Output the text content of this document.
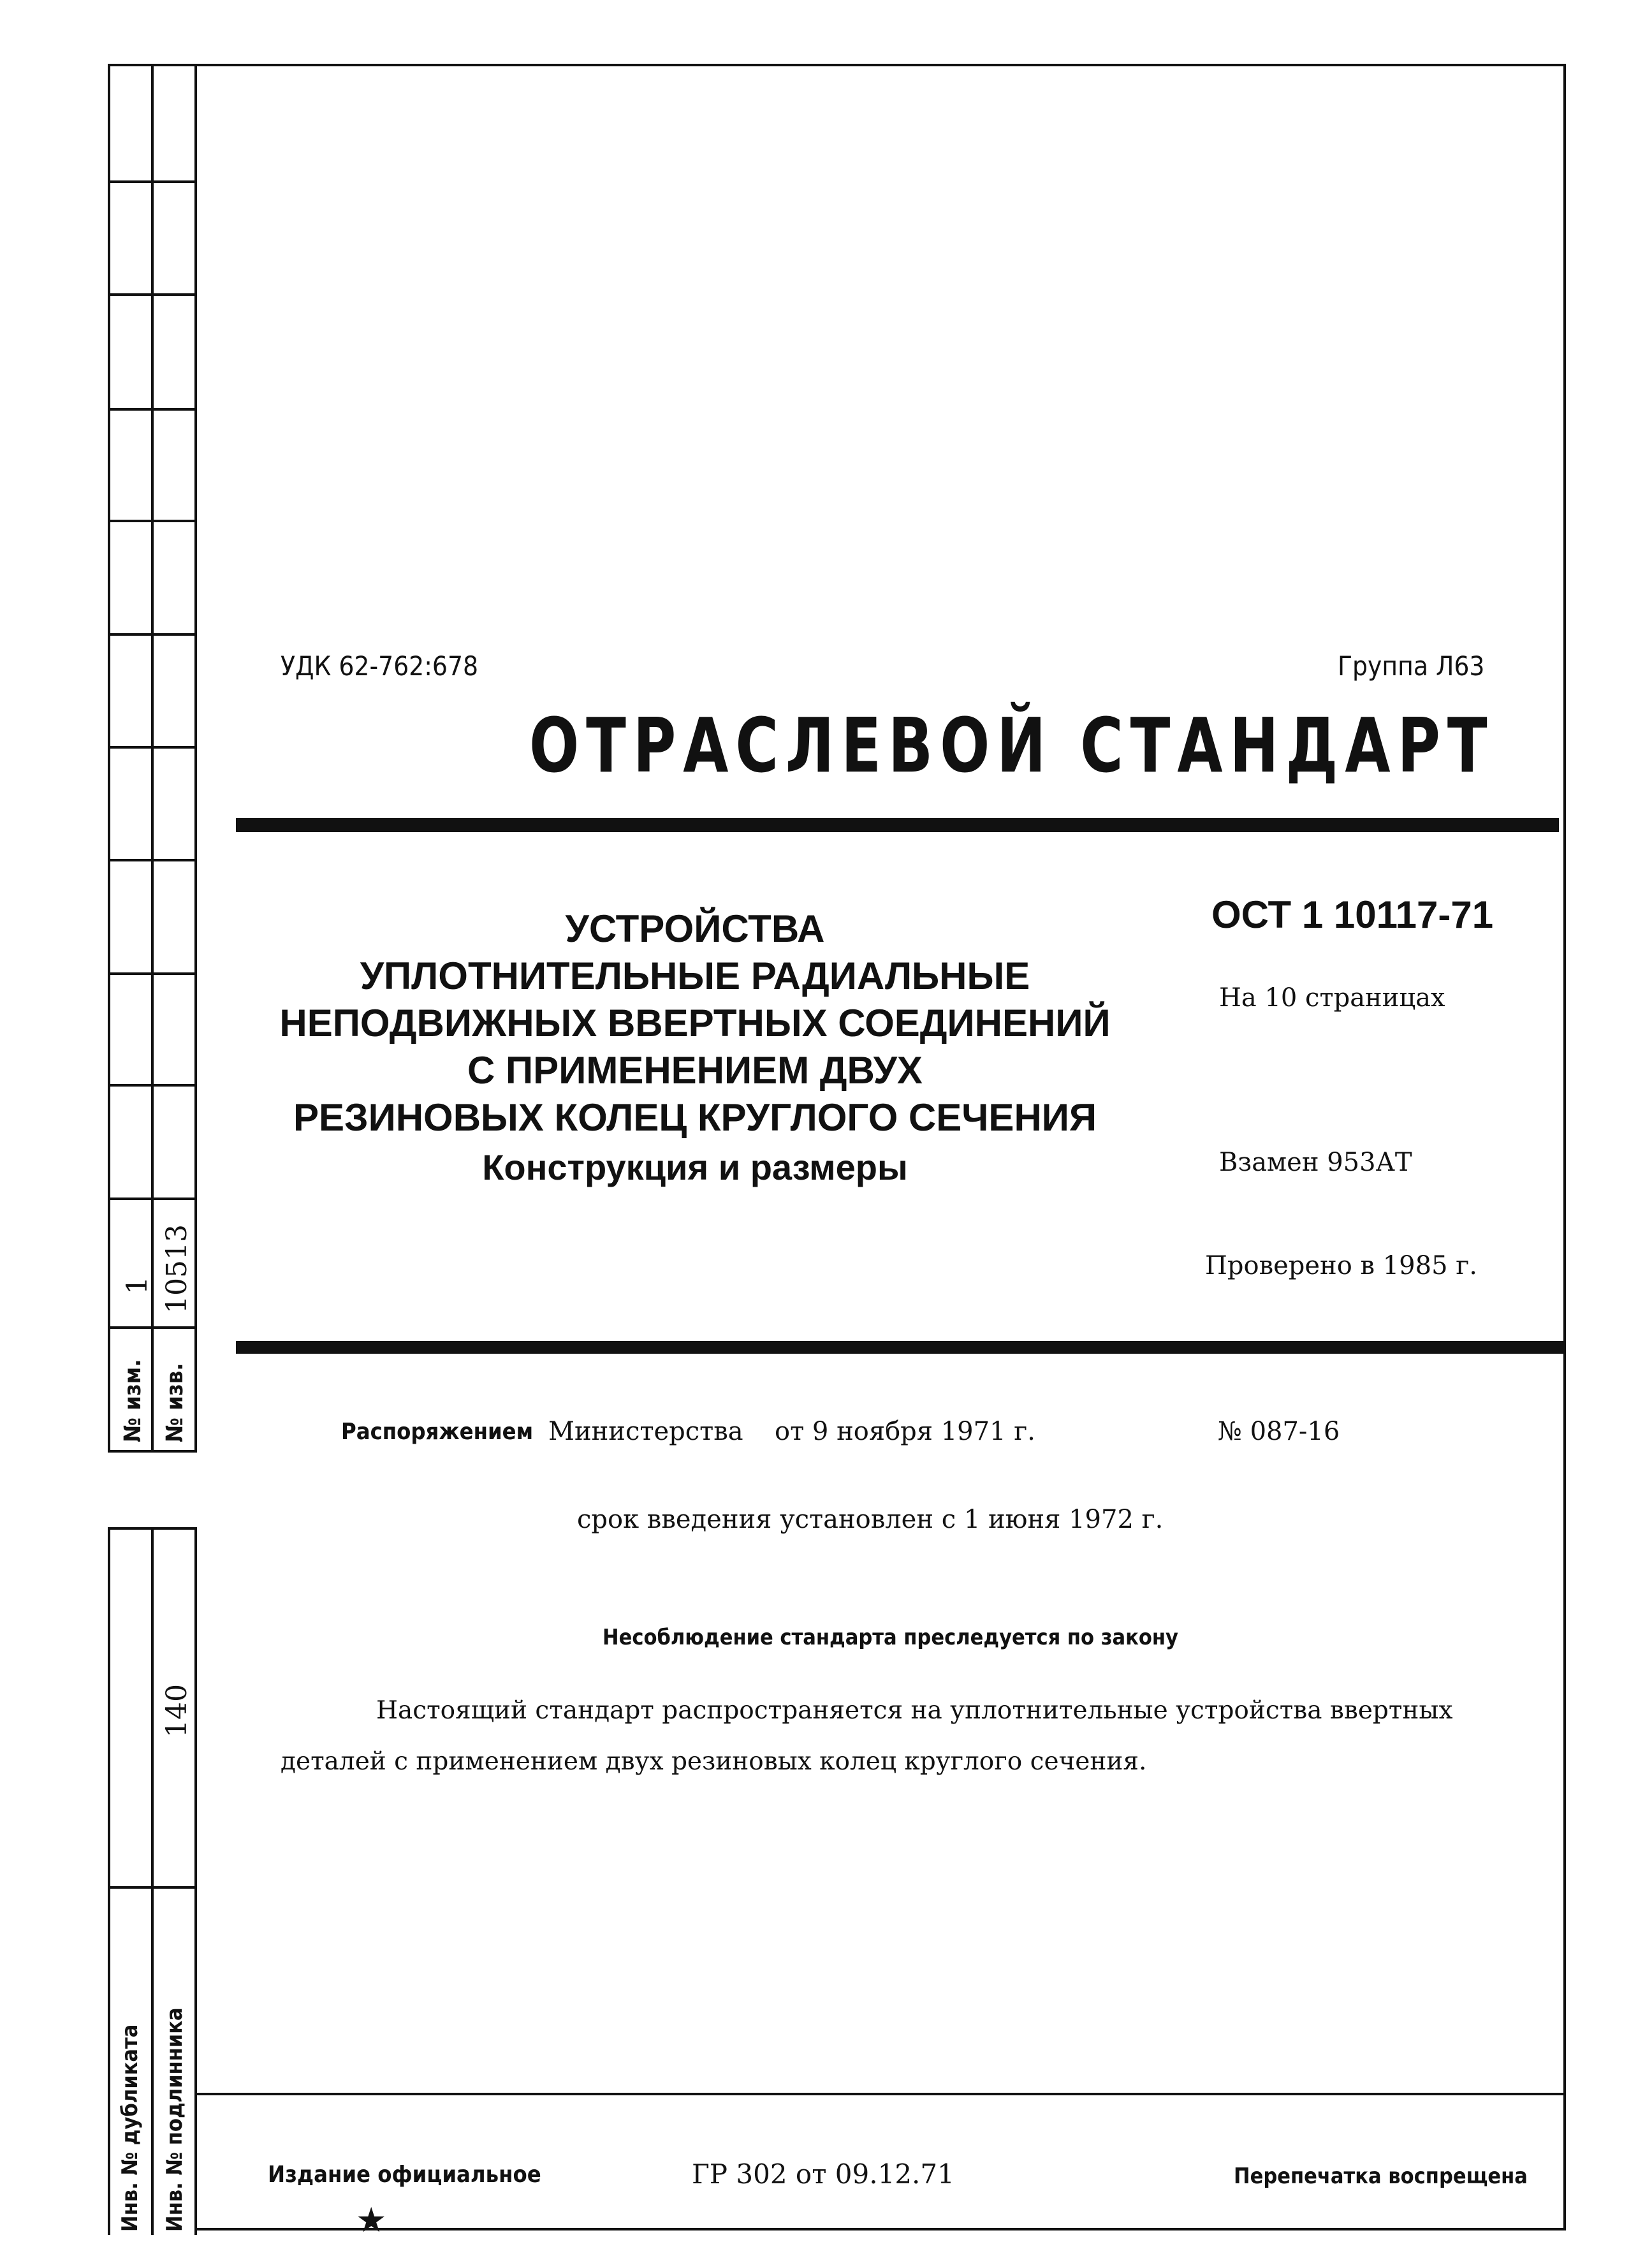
1 10513
№ изм. № изв.
140
Инв. № дубликата Инв. № подлинника
УДК 62-762:678	Группа Л63
ОТРАСЛЕВОЙ СТАНДАРТ
УСТРОЙСТВА
УПЛОТНИТЕЛЬНЫЕ РАДИАЛЬНЫЕ
НЕПОДВИЖНЫХ ВВЕРТНЫХ СОЕДИНЕНИЙ
С ПРИМЕНЕНИЕМ ДВУХ
РЕЗИНОВЫХ КОЛЕЦ КРУГЛОГО СЕЧЕНИЯ
Конструкция и размеры
ОСТ 1 10117-71
На 10 страницах
Взамен 953АТ
Проверено в 1985 г.
Распоряжением Министерства от 9 ноября 1971 г.	№ 087-16
срок введения установлен с 1 июня 1972 г.
Несоблюдение стандарта преследуется по закону
Настоящий стандарт распространяется на уплотнительные устройства ввертных
деталей с применением двух резиновых колец круглого сечения.
Издание официальное
★
ГР 302 от 09.12.71	Перепечатка воспрещена
